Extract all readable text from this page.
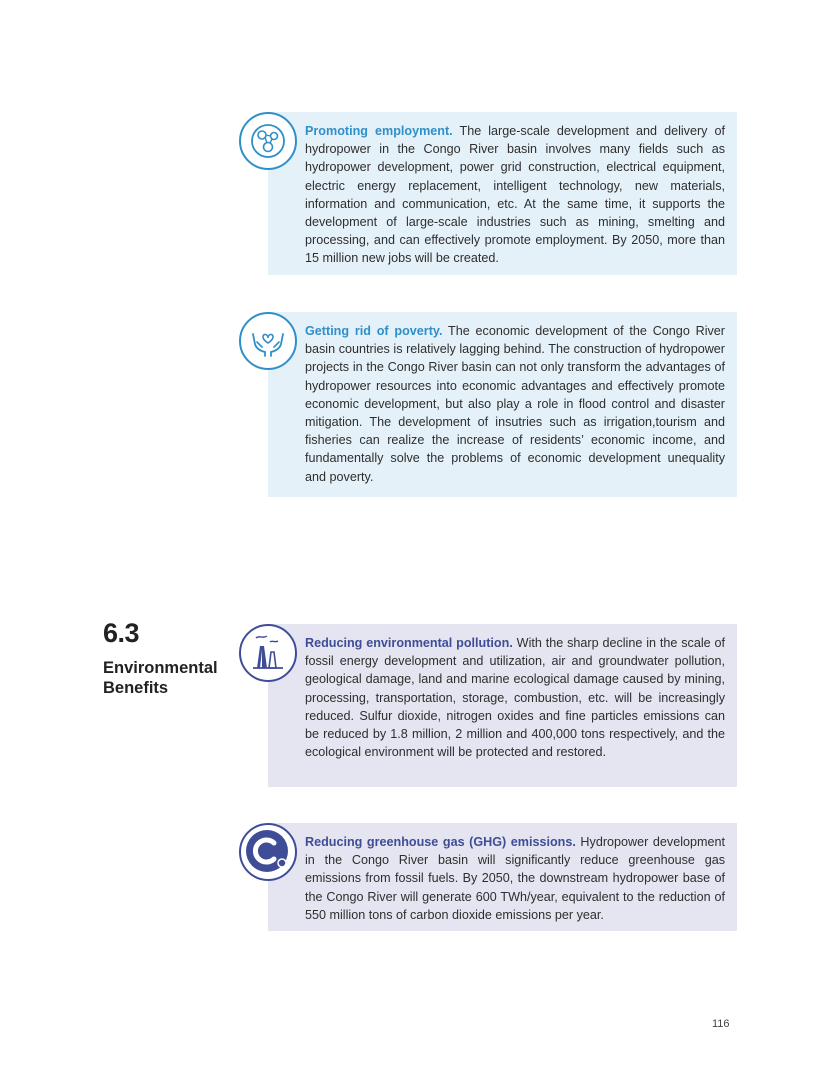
Promoting employment. The large-scale development and delivery of hydropower in the Congo River basin involves many fields such as hydropower development, power grid construction, electrical equipment, electric energy replacement, intelligent technology, new materials, information and communication, etc. At the same time, it supports the development of large-scale industries such as mining, smelting and processing, and can effectively promote employment. By 2050, more than 15 million new jobs will be created.

Getting rid of poverty. The economic development of the Congo River basin countries is relatively lagging behind. The construction of hydropower projects in the Congo River basin can not only transform the advantages of hydropower resources into economic advantages and effectively promote economic development, but also play a role in flood control and disaster mitigation. The development of insutries such as irrigation,tourism and fisheries can realize the increase of residents’ economic income, and fundamentally solve the problems of economic development unequality and poverty.

6.3
Environmental Benefits

Reducing environmental pollution. With the sharp decline in the scale of fossil energy development and utilization, air and groundwater pollution, geological damage, land and marine ecological damage caused by mining, processing, transportation, storage, combustion, etc. will be increasingly reduced. Sulfur dioxide, nitrogen oxides and fine particles emissions can be reduced by 1.8 million, 2 million and 400,000 tons respectively, and the ecological environment will be protected and restored.

Reducing greenhouse gas (GHG) emissions. Hydropower development in the Congo River basin will significantly reduce greenhouse gas emissions from fossil fuels. By 2050, the downstream hydropower base of the Congo River will generate 600 TWh/year, equivalent to the reduction of 550 million tons of carbon dioxide emissions per year.

116
